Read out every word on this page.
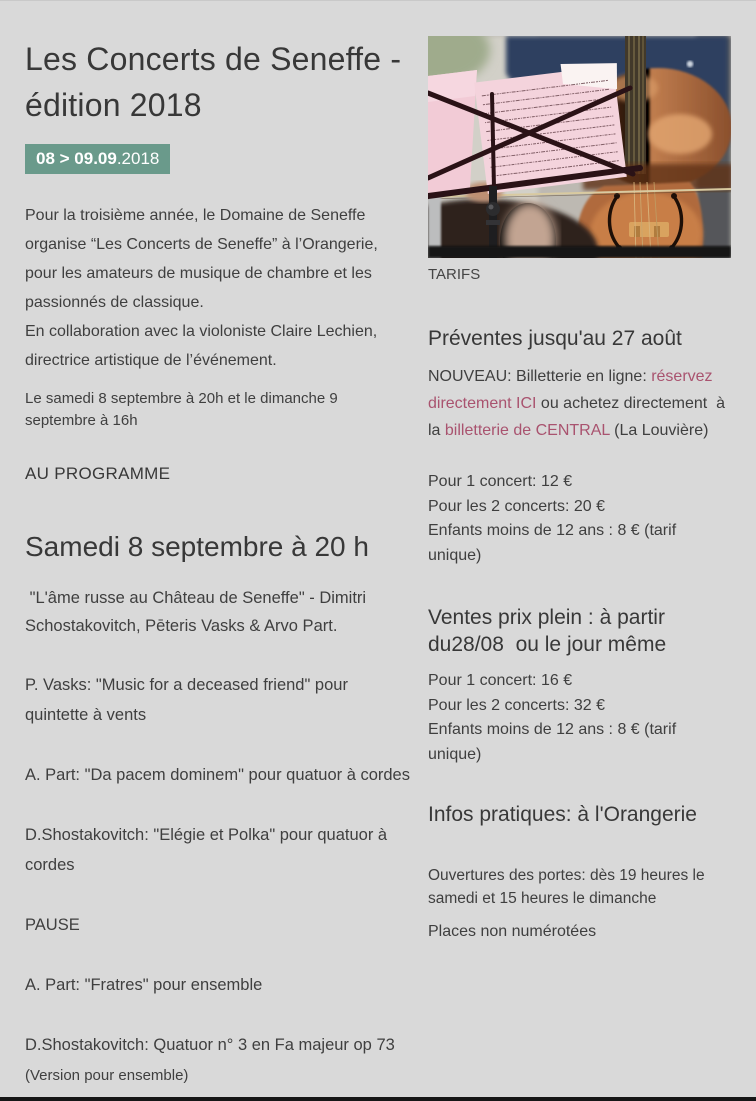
Les Concerts de Seneffe - édition 2018
08 > 09.09.2018

Pour la troisième année, le Domaine de Seneffe organise “Les Concerts de Seneffe” à l’Orangerie, pour les amateurs de musique de chambre et les passionnés de classique.
En collaboration avec la violoniste Claire Lechien, directrice artistique de l’événement.

Le samedi 8 septembre à 20h et le dimanche 9 septembre à 16h

AU PROGRAMME

Samedi 8 septembre à 20 h

"L'âme russe au Château de Seneffe" - Dimitri Schostakovitch, Pēteris Vasks & Arvo Part.

P. Vasks: "Music for a deceased friend" pour quintette à vents

A. Part: "Da pacem dominem" pour quatuor à cordes

D.Shostakovitch: "Elégie et Polka" pour quatuor à cordes

PAUSE

A. Part: "Fratres" pour ensemble

D.Shostakovitch: Quatuor n° 3 en Fa majeur op 73
(Version pour ensemble)

TARIFS
Préventes jusqu'au 27 août

NOUVEAU: Billetterie en ligne: réservez directement ICI ou achetez directement  à la billetterie de CENTRAL (La Louvière)

Pour 1 concert: 12 €
Pour les 2 concerts: 20 €
Enfants moins de 12 ans : 8 € (tarif unique)

Ventes prix plein : à partir du28/08  ou le jour même

Pour 1 concert: 16 €
Pour les 2 concerts: 32 €
Enfants moins de 12 ans : 8 € (tarif unique)

Infos pratiques: à l'Orangerie

Ouvertures des portes: dès 19 heures le samedi et 15 heures le dimanche

Places non numérotées
